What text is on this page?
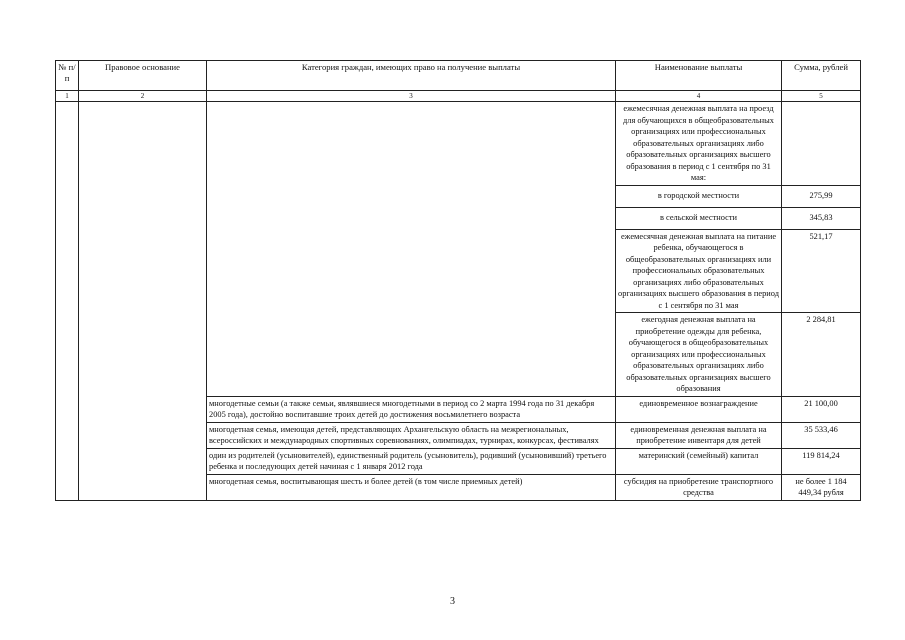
№ п/п	Правовое основание	Категория граждан, имеющих право на получение выплаты	Наименование выплаты	Сумма, рублей
1	2	3	4	5
			ежемесячная денежная выплата на проезд для обучающихся в общеобразовательных организациях или профессиональных образовательных организациях либо образовательных организациях высшего образования в период с 1 сентября по 31 мая:	
			в городской местности	275,99
			в сельской местности	345,83
			ежемесячная денежная выплата на питание ребенка, обучающегося в общеобразовательных организациях или профессиональных образовательных организациях либо образовательных организациях высшего образования в период с 1 сентября по 31 мая	521,17
			ежегодная денежная выплата на приобретение одежды для ребенка, обучающегося в общеобразовательных организациях или профессиональных образовательных организациях либо образовательных организациях высшего образования	2 284,81
		многодетные семьи (а также семьи, являвшиеся многодетными в период со 2 марта 1994 года по 31 декабря 2005 года), достойно воспитавшие троих детей до достижения восьмилетнего возраста	единовременное вознаграждение	21 100,00
		многодетная семья, имеющая детей, представляющих Архангельскую область на межрегиональных, всероссийских и международных спортивных соревнованиях, олимпиадах, турнирах, конкурсах, фестивалях	единовременная денежная выплата на приобретение инвентаря для детей	35 533,46
		один из родителей (усыновителей), единственный родитель (усыновитель), родивший (усыновивший) третьего ребенка и последующих детей начиная с 1 января 2012 года	материнский (семейный) капитал	119 814,24
		многодетная семья, воспитывающая шесть и более детей (в том числе приемных детей)	субсидия на приобретение транспортного средства	не более 1 184 449,34 рубля
3
